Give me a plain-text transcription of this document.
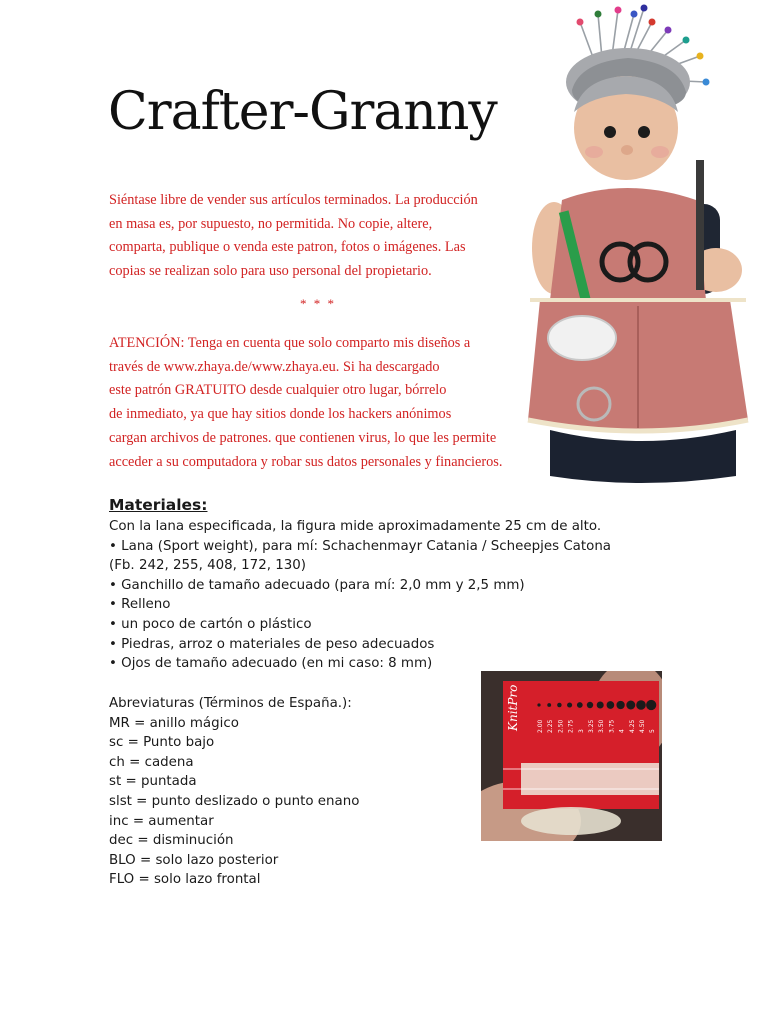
Crafter-Granny

Siéntase libre de vender sus artículos terminados. La producción
en masa es, por supuesto, no permitida. No copie, altere,
comparta, publique o venda este patron, fotos o imágenes. Las
copias se realizan solo para uso personal del propietario.

* * *

ATENCIÓN: Tenga en cuenta que solo comparto mis diseños a
través de www.zhaya.de/www.zhaya.eu. Si ha descargado
este patrón GRATUITO desde cualquier otro lugar, bórrelo
de inmediato, ya que hay sitios donde los hackers anónimos
cargan archivos de patrones. que contienen virus, lo que les permite
acceder a su computadora y robar sus datos personales y financieros.

Materiales:
Con la lana especificada, la figura mide aproximadamente 25 cm de alto.
• Lana (Sport weight), para mí: Schachenmayr Catania / Scheepjes Catona
(Fb. 242, 255, 408, 172, 130)
• Ganchillo de tamaño adecuado (para mí: 2,0 mm y 2,5 mm)
• Relleno
• un poco de cartón o plástico
• Piedras, arroz o materiales de peso adecuados
• Ojos de tamaño adecuado (en mi caso: 8 mm)
Abreviaturas (Términos de España.):
MR = anillo mágico
sc = Punto bajo
ch = cadena
st = puntada
slst = punto deslizado o punto enano
inc = aumentar
dec = disminución
BLO = solo lazo posterior
FLO = solo lazo frontal
KnitPro	2.00 2.25 2.50 2.75 3 3.25 3.50 3.75 4 4.25 4.50 5
